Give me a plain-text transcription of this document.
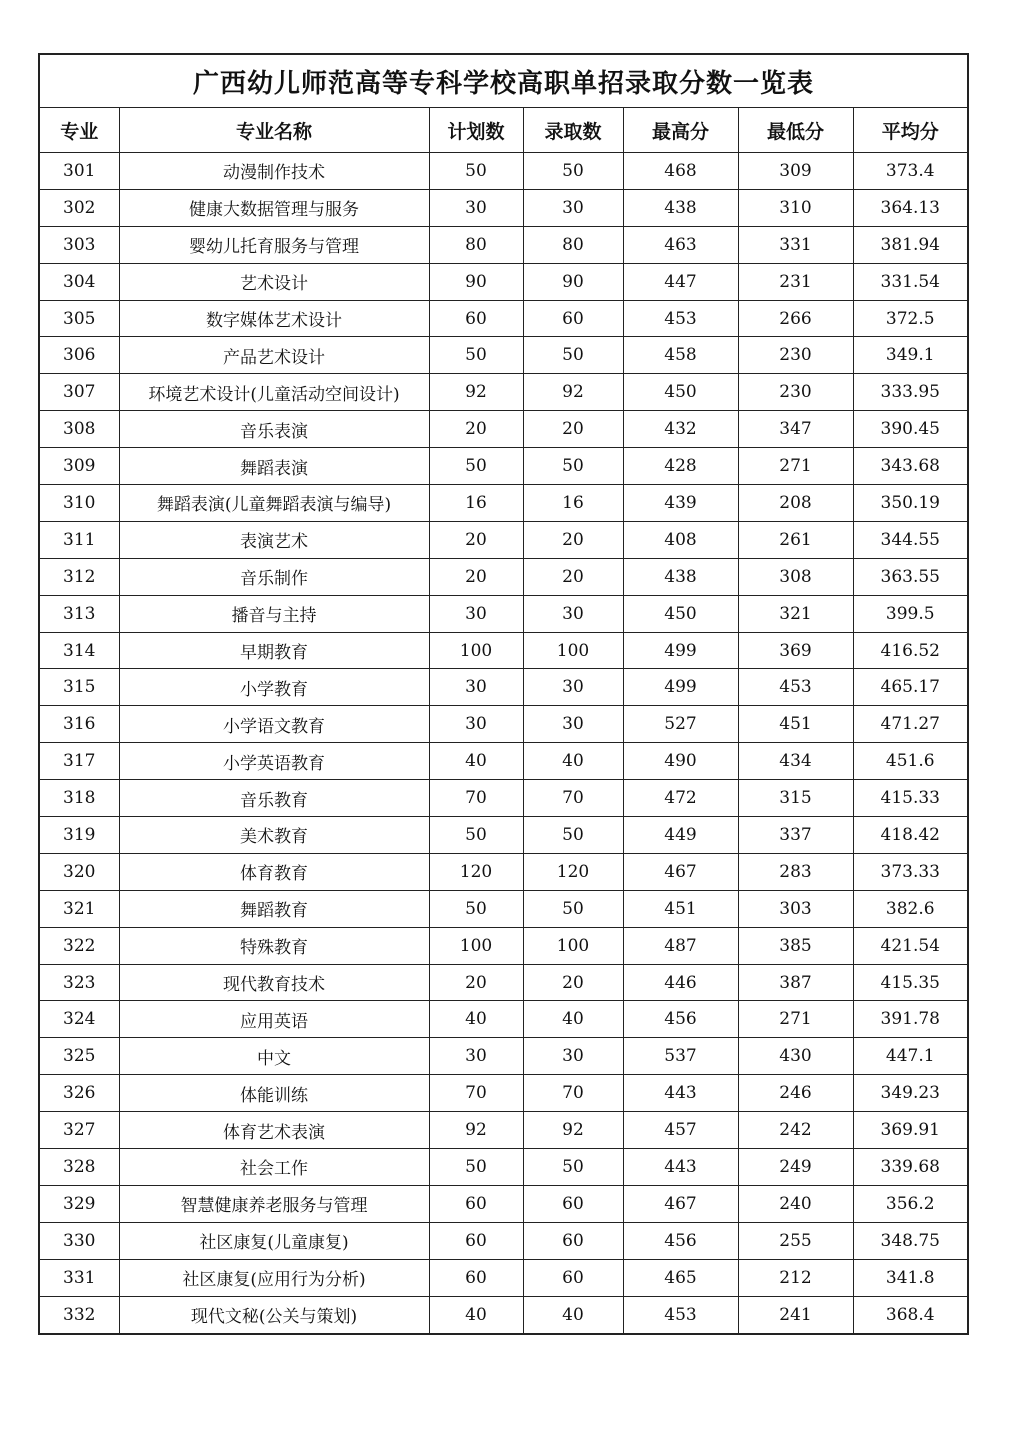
广西幼儿师范高等专科学校高职单招录取分数一览表						
专业	专业名称	计划数	录取数	最高分	最低分	平均分
301	动漫制作技术	50	50	468	309	373.4
302	健康大数据管理与服务	30	30	438	310	364.13
303	婴幼儿托育服务与管理	80	80	463	331	381.94
304	艺术设计	90	90	447	231	331.54
305	数字媒体艺术设计	60	60	453	266	372.5
306	产品艺术设计	50	50	458	230	349.1
307	环境艺术设计(儿童活动空间设计)	92	92	450	230	333.95
308	音乐表演	20	20	432	347	390.45
309	舞蹈表演	50	50	428	271	343.68
310	舞蹈表演(儿童舞蹈表演与编导)	16	16	439	208	350.19
311	表演艺术	20	20	408	261	344.55
312	音乐制作	20	20	438	308	363.55
313	播音与主持	30	30	450	321	399.5
314	早期教育	100	100	499	369	416.52
315	小学教育	30	30	499	453	465.17
316	小学语文教育	30	30	527	451	471.27
317	小学英语教育	40	40	490	434	451.6
318	音乐教育	70	70	472	315	415.33
319	美术教育	50	50	449	337	418.42
320	体育教育	120	120	467	283	373.33
321	舞蹈教育	50	50	451	303	382.6
322	特殊教育	100	100	487	385	421.54
323	现代教育技术	20	20	446	387	415.35
324	应用英语	40	40	456	271	391.78
325	中文	30	30	537	430	447.1
326	体能训练	70	70	443	246	349.23
327	体育艺术表演	92	92	457	242	369.91
328	社会工作	50	50	443	249	339.68
329	智慧健康养老服务与管理	60	60	467	240	356.2
330	社区康复(儿童康复)	60	60	456	255	348.75
331	社区康复(应用行为分析)	60	60	465	212	341.8
332	现代文秘(公关与策划)	40	40	453	241	368.4
